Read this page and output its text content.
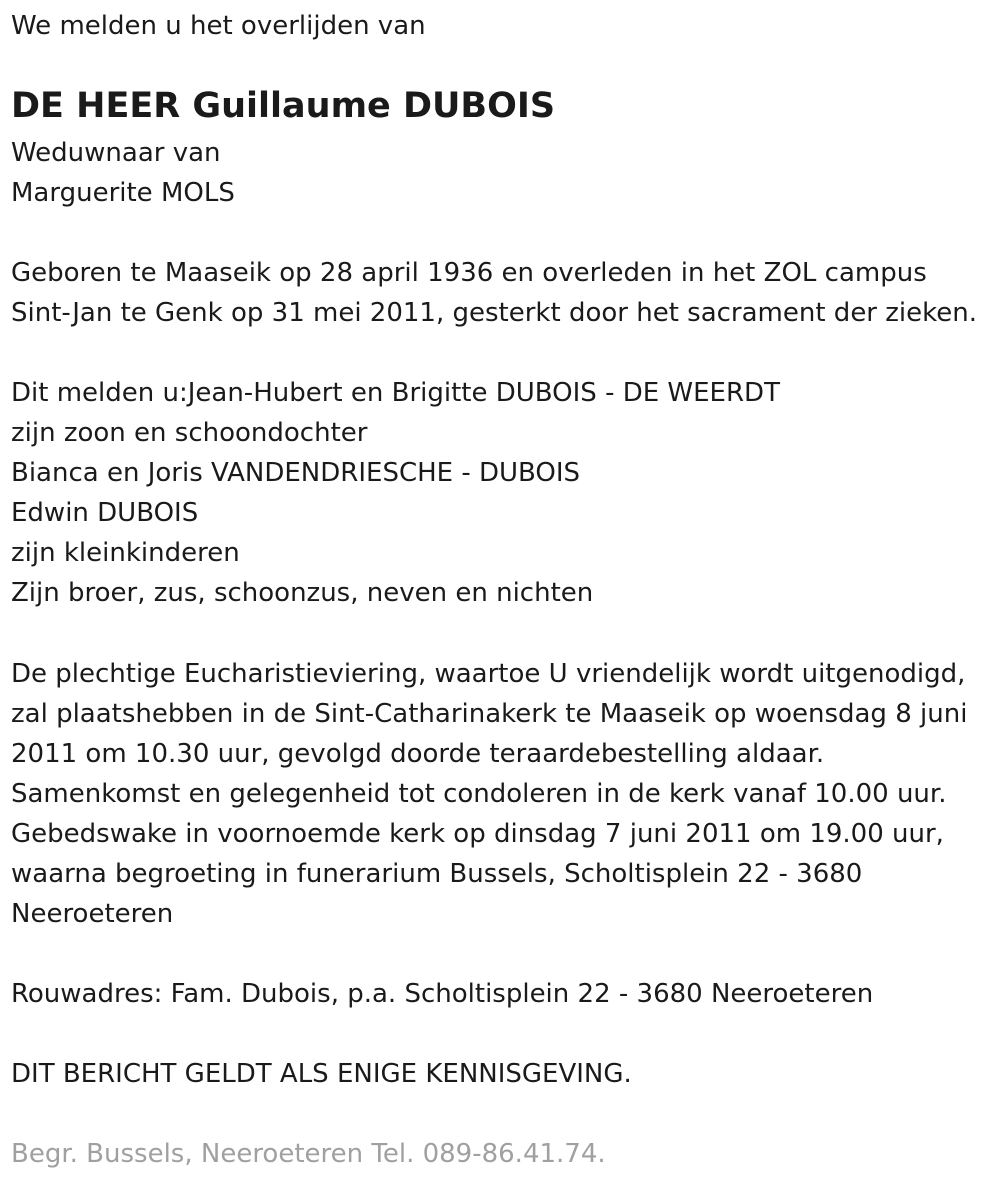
We melden u het overlijden van
DE HEER Guillaume DUBOIS
Weduwnaar van
Marguerite MOLS
Geboren te Maaseik op 28 april 1936 en overleden in het ZOL campus
Sint-Jan te Genk op 31 mei 2011, gesterkt door het sacrament der zieken.
Dit melden u:Jean-Hubert en Brigitte DUBOIS - DE WEERDT
zijn zoon en schoondochter
Bianca en Joris VANDENDRIESCHE - DUBOIS
Edwin DUBOIS
zijn kleinkinderen
Zijn broer, zus, schoonzus, neven en nichten
De plechtige Eucharistieviering, waartoe U vriendelijk wordt uitgenodigd,
zal plaatshebben in de Sint-Catharinakerk te Maaseik op woensdag 8 juni
2011 om 10.30 uur, gevolgd doorde teraardebestelling aldaar.
Samenkomst en gelegenheid tot condoleren in de kerk vanaf 10.00 uur.
Gebedswake in voornoemde kerk op dinsdag 7 juni 2011 om 19.00 uur,
waarna begroeting in funerarium Bussels, Scholtisplein 22 - 3680
Neeroeteren
Rouwadres: Fam. Dubois, p.a. Scholtisplein 22 - 3680 Neeroeteren
DIT BERICHT GELDT ALS ENIGE KENNISGEVING.
Begr. Bussels, Neeroeteren Tel. 089-86.41.74.
